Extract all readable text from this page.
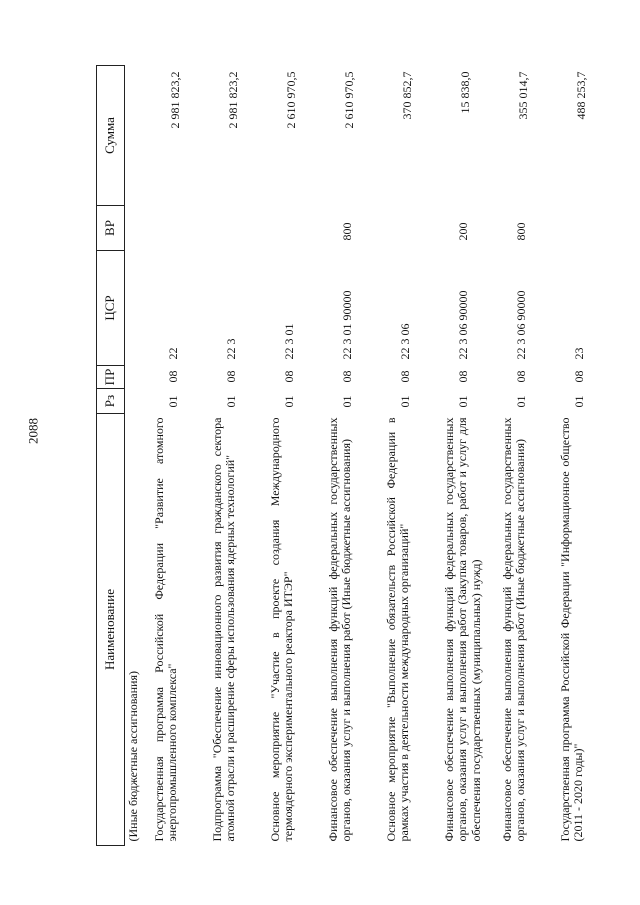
2088
Наименование	Рз	ПР	ЦСР	ВР	Сумма
(Иные бюджетные ассигнования)					
Государственная программа Российской Федерации "Развитие атомного энергопромышленного комплекса"	01	08	22		2 981 823,2
Подпрограмма "Обеспечение инновационного развития гражданского сектора атомной отрасли и расширение сферы использования ядерных технологий"	01	08	22 3		2 981 823,2
Основное мероприятие "Участие в проекте создания Международного термоядерного экспериментального реактора ИТЭР"	01	08	22 3 01		2 610 970,5
Финансовое обеспечение выполнения функций федеральных государственных органов, оказания услуг и выполнения работ (Иные бюджетные ассигнования)	01	08	22 3 01 90000	800	2 610 970,5
Основное мероприятие "Выполнение обязательств Российской Федерации в рамках участия в деятельности международных организаций"	01	08	22 3 06		370 852,7
Финансовое обеспечение выполнения функций федеральных государственных органов, оказания услуг и выполнения работ (Закупка товаров, работ и услуг для обеспечения государственных (муниципальных) нужд)	01	08	22 3 06 90000	200	15 838,0
Финансовое обеспечение выполнения функций федеральных государственных органов, оказания услуг и выполнения работ (Иные бюджетные ассигнования)	01	08	22 3 06 90000	800	355 014,7
Государственная программа Российской Федерации "Информационное общество (2011 - 2020 годы)"	01	08	23		488 253,7
